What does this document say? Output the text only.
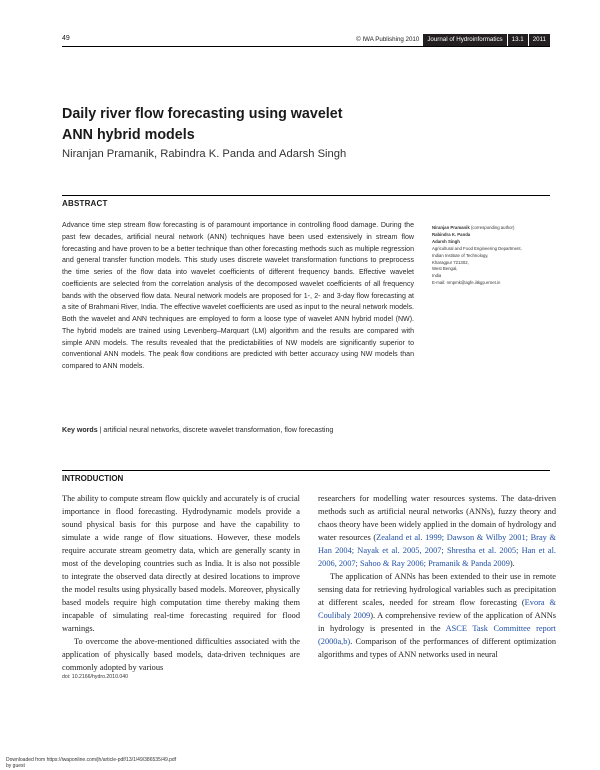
49	© IWA Publishing 2010	Journal of Hydroinformatics	13.1	2011
Daily river flow forecasting using wavelet
ANN hybrid models
Niranjan Pramanik, Rabindra K. Panda and Adarsh Singh
ABSTRACT
Advance time step stream flow forecasting is of paramount importance in controlling flood damage. During the past few decades, artificial neural network (ANN) techniques have been used extensively in stream flow forecasting and have proven to be a better technique than other forecasting methods such as multiple regression and general transfer function models. This study uses discrete wavelet transformation functions to preprocess the time series of the flow data into wavelet coefficients of different frequency bands. Effective wavelet coefficients are selected from the correlation analysis of the decomposed wavelet coefficients of all frequency bands with the observed flow data. Neural network models are proposed for 1-, 2- and 3-day flow forecasting at a site of Brahmani River, India. The effective wavelet coefficients are used as input to the neural network models. Both the wavelet and ANN techniques are employed to form a loose type of wavelet ANN hybrid model (NW). The hybrid models are trained using Levenberg–Marquart (LM) algorithm and the results are compared with simple ANN models. The results revealed that the predictabilities of NW models are significantly superior to conventional ANN models. The peak flow conditions are predicted with better accuracy using NW models than compared to ANN models.
Key words | artificial neural networks, discrete wavelet transformation, flow forecasting
Niranjan Pramanik (corresponding author)
Rabindra K. Panda
Adarsh Singh
Agricultural and Food Engineering Department,
Indian Institute of Technology,
Kharagpur 721302,
West Bengal,
India
E-mail: nrnpmk@agfe.iitkgp.ernet.in
INTRODUCTION

The ability to compute stream flow quickly and accurately is of crucial importance in flood forecasting. Hydrodynamic models provide a sound physical basis for this purpose and have the capability to simulate a wide range of flow situations. However, these models require accurate stream geometry data, which are generally scanty in most of the developing countries such as India. It is also not possible to integrate the observed data directly at desired locations to improve the model results using physically based models. Moreover, physically based models require high computation time thereby making them incapable of simulating real-time forecasting required for flood warnings.

To overcome the above-mentioned difficulties associated with the application of physically based models, data-driven techniques are commonly adopted by various

researchers for modelling water resources systems. The data-driven methods such as artificial neural networks (ANNs), fuzzy theory and chaos theory have been widely applied in the domain of hydrology and water resources (Zealand et al. 1999; Dawson & Wilby 2001; Bray & Han 2004; Nayak et al. 2005, 2007; Shrestha et al. 2005; Han et al. 2006, 2007; Sahoo & Ray 2006; Pramanik & Panda 2009).

The application of ANNs has been extended to their use in remote sensing data for retrieving hydrological variables such as precipitation at different scales, needed for stream flow forecasting (Evora & Coulibaly 2009). A comprehensive review of the application of ANNs in hydrology is presented in the ASCE Task Committee report (2000a,b). Comparison of the performances of different optimization algorithms and types of ANN networks used in neural

doi: 10.2166/hydro.2010.040
Downloaded from https://iwaponline.com/jh/article-pdf/13/1/49/386535/49.pdf
by guest
